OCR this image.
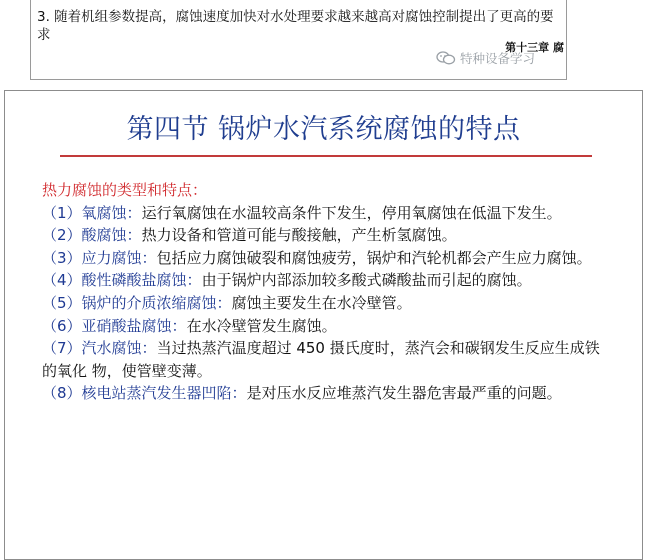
3. 随着机组参数提高，腐蚀速度加快对水处理要求越来越高对腐蚀控制提出了更高的要求
第十三章 腐
特种设备学习
第四节 锅炉水汽系统腐蚀的特点
热力腐蚀的类型和特点：

（1）氧腐蚀：运行氧腐蚀在水温较高条件下发生，停用氧腐蚀在低温下发生。

（2）酸腐蚀：热力设备和管道可能与酸接触，产生析氢腐蚀。

（3）应力腐蚀：包括应力腐蚀破裂和腐蚀疲劳，锅炉和汽轮机都会产生应力腐蚀。

（4）酸性磷酸盐腐蚀：由于锅炉内部添加较多酸式磷酸盐而引起的腐蚀。

（5）锅炉的介质浓缩腐蚀：腐蚀主要发生在水冷壁管。

（6）亚硝酸盐腐蚀：在水冷壁管发生腐蚀。

（7）汽水腐蚀：当过热蒸汽温度超过 450 摄氏度时，蒸汽会和碳钢发生反应生成铁的氧化 物，使管壁变薄。

（8）核电站蒸汽发生器凹陷：是对压水反应堆蒸汽发生器危害最严重的问题。
